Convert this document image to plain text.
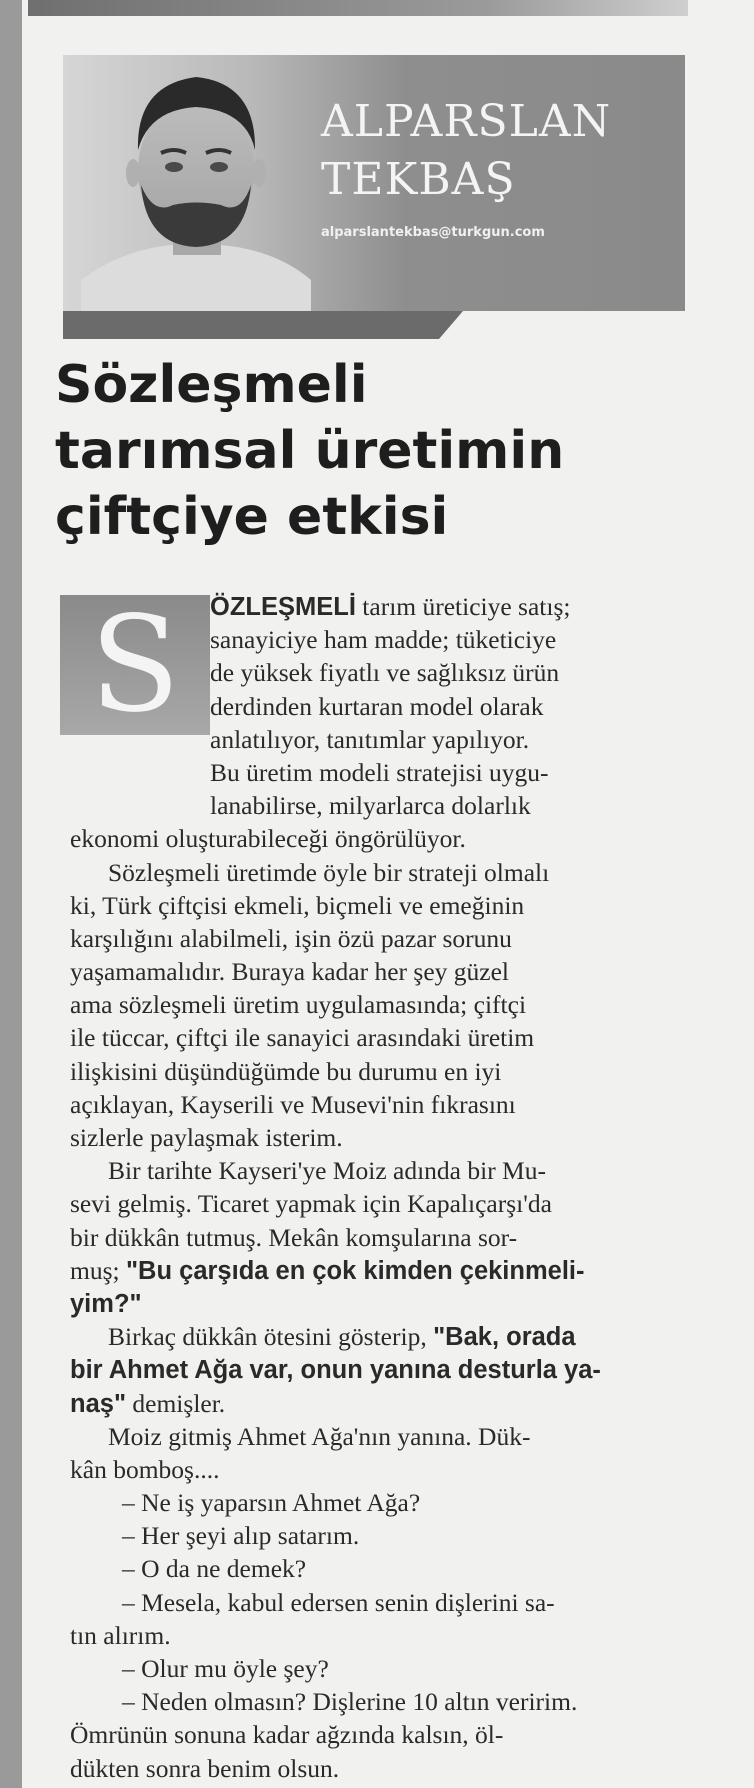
ALPARSLAN
TEKBAŞ
alparslantekbas@turkgun.com
Sözleşmeli
tarımsal üretimin
çiftçiye etkisi
S	ÖZLEŞMELİ tarım üreticiye satış;
sanayiciye ham madde; tüketiciye
de yüksek fiyatlı ve sağlıksız ürün
derdinden kurtaran model olarak
anlatılıyor, tanıtımlar yapılıyor.
Bu üretim modeli stratejisi uygu-
lanabilirse, milyarlarca dolarlık
ekonomi oluşturabileceği öngörülüyor.
Sözleşmeli üretimde öyle bir strateji olmalı
ki, Türk çiftçisi ekmeli, biçmeli ve emeğinin
karşılığını alabilmeli, işin özü pazar sorunu
yaşamamalıdır. Buraya kadar her şey güzel
ama sözleşmeli üretim uygulamasında; çiftçi
ile tüccar, çiftçi ile sanayici arasındaki üretim
ilişkisini düşündüğümde bu durumu en iyi
açıklayan, Kayserili ve Musevi'nin fıkrasını
sizlerle paylaşmak isterim.
Bir tarihte Kayseri'ye Moiz adında bir Mu-
sevi gelmiş. Ticaret yapmak için Kapalıçarşı'da
bir dükkân tutmuş. Mekân komşularına sor-
muş; "Bu çarşıda en çok kimden çekinmeli-
yim?"
Birkaç dükkân ötesini gösterip, "Bak, orada
bir Ahmet Ağa var, onun yanına desturla ya-
naş" demişler.
Moiz gitmiş Ahmet Ağa'nın yanına. Dük-
kân bomboş....
– Ne iş yaparsın Ahmet Ağa?
– Her şeyi alıp satarım.
– O da ne demek?
– Mesela, kabul edersen senin dişlerini sa-
tın alırım.
– Olur mu öyle şey?
– Neden olmasın? Dişlerine 10 altın veririm.
Ömrünün sonuna kadar ağzında kalsın, öl-
dükten sonra benim olsun.
